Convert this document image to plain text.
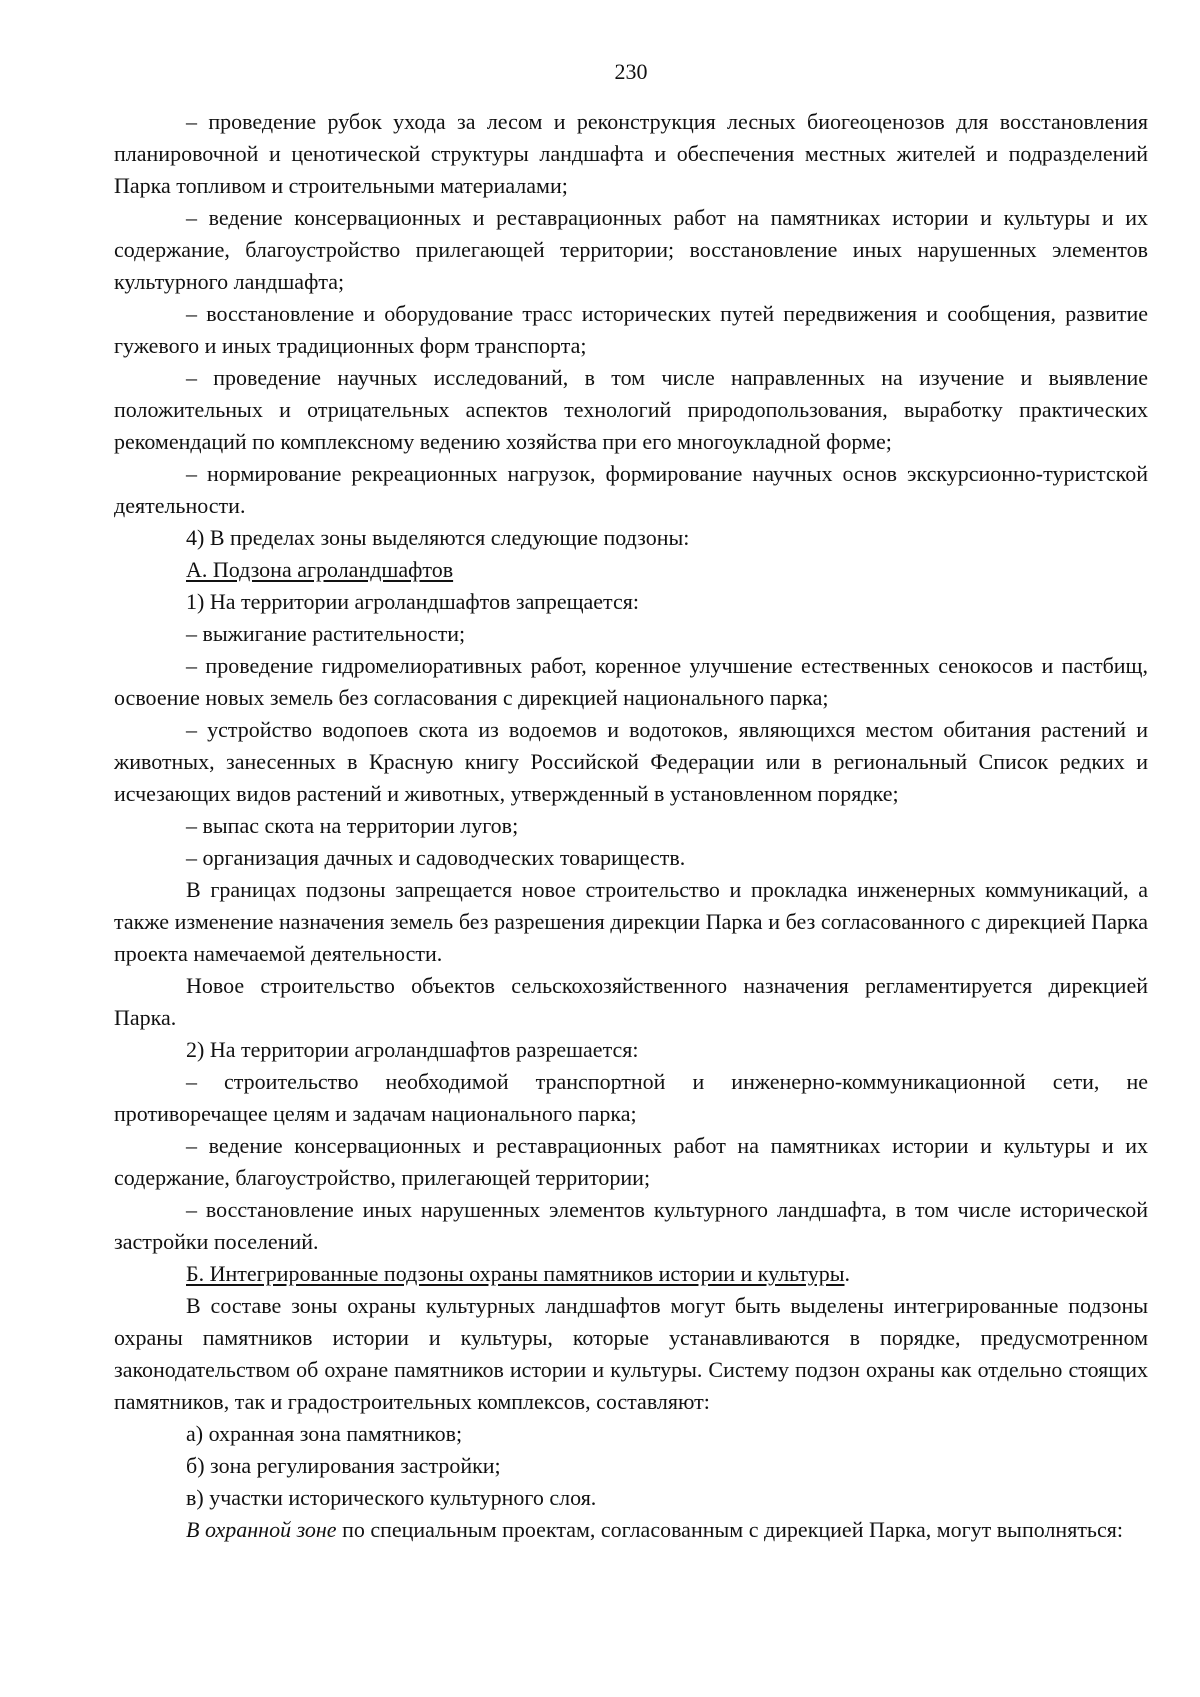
230

– проведение рубок ухода за лесом и реконструкция лесных биогеоценозов для восстановления планировочной и ценотической структуры ландшафта и обеспечения местных жителей и подразделений Парка топливом и строительными материалами;

– ведение консервационных и реставрационных работ на памятниках истории и культуры и их содержание, благоустройство прилегающей территории; восстановление иных нарушенных элементов культурного ландшафта;

– восстановление и оборудование трасс исторических путей передвижения и сообщения, развитие гужевого и иных традиционных форм транспорта;

– проведение научных исследований, в том числе направленных на изучение и выявление положительных и отрицательных аспектов технологий природопользования, выработку практических рекомендаций по комплексному ведению хозяйства при его многоукладной форме;

– нормирование рекреационных нагрузок, формирование научных основ экскурсионно-туристской деятельности.

4) В пределах зоны выделяются следующие подзоны:

А. Подзона агроландшафтов

1) На территории агроландшафтов запрещается:

– выжигание растительности;

– проведение гидромелиоративных работ, коренное улучшение естественных сенокосов и пастбищ, освоение новых земель без согласования с дирекцией национального парка;

– устройство водопоев скота из водоемов и водотоков, являющихся местом обитания растений и животных, занесенных в Красную книгу Российской Федерации или в региональный Список редких и исчезающих видов растений и животных, утвержденный в установленном порядке;

– выпас скота на территории лугов;

– организация дачных и садоводческих товариществ.

В границах подзоны запрещается новое строительство и прокладка инженерных коммуникаций, а также изменение назначения земель без разрешения дирекции Парка и без согласованного с дирекцией Парка проекта намечаемой деятельности.

Новое строительство объектов сельскохозяйственного назначения регламентируется дирекцией Парка.

2) На территории агроландшафтов разрешается:

– строительство необходимой транспортной и инженерно-коммуникационной сети, не противоречащее целям и задачам национального парка;

– ведение консервационных и реставрационных работ на памятниках истории и культуры и их содержание, благоустройство, прилегающей территории;

– восстановление иных нарушенных элементов культурного ландшафта, в том числе исторической застройки поселений.

Б. Интегрированные подзоны охраны памятников истории и культуры.

В составе зоны охраны культурных ландшафтов могут быть выделены интегрированные подзоны охраны памятников истории и культуры, которые устанавливаются в порядке, предусмотренном законодательством об охране памятников истории и культуры. Систему подзон охраны как отдельно стоящих памятников, так и градостроительных комплексов, составляют:

а) охранная зона памятников;

б) зона регулирования застройки;

в) участки исторического культурного слоя.

В охранной зоне по специальным проектам, согласованным с дирекцией Парка, могут выполняться:
